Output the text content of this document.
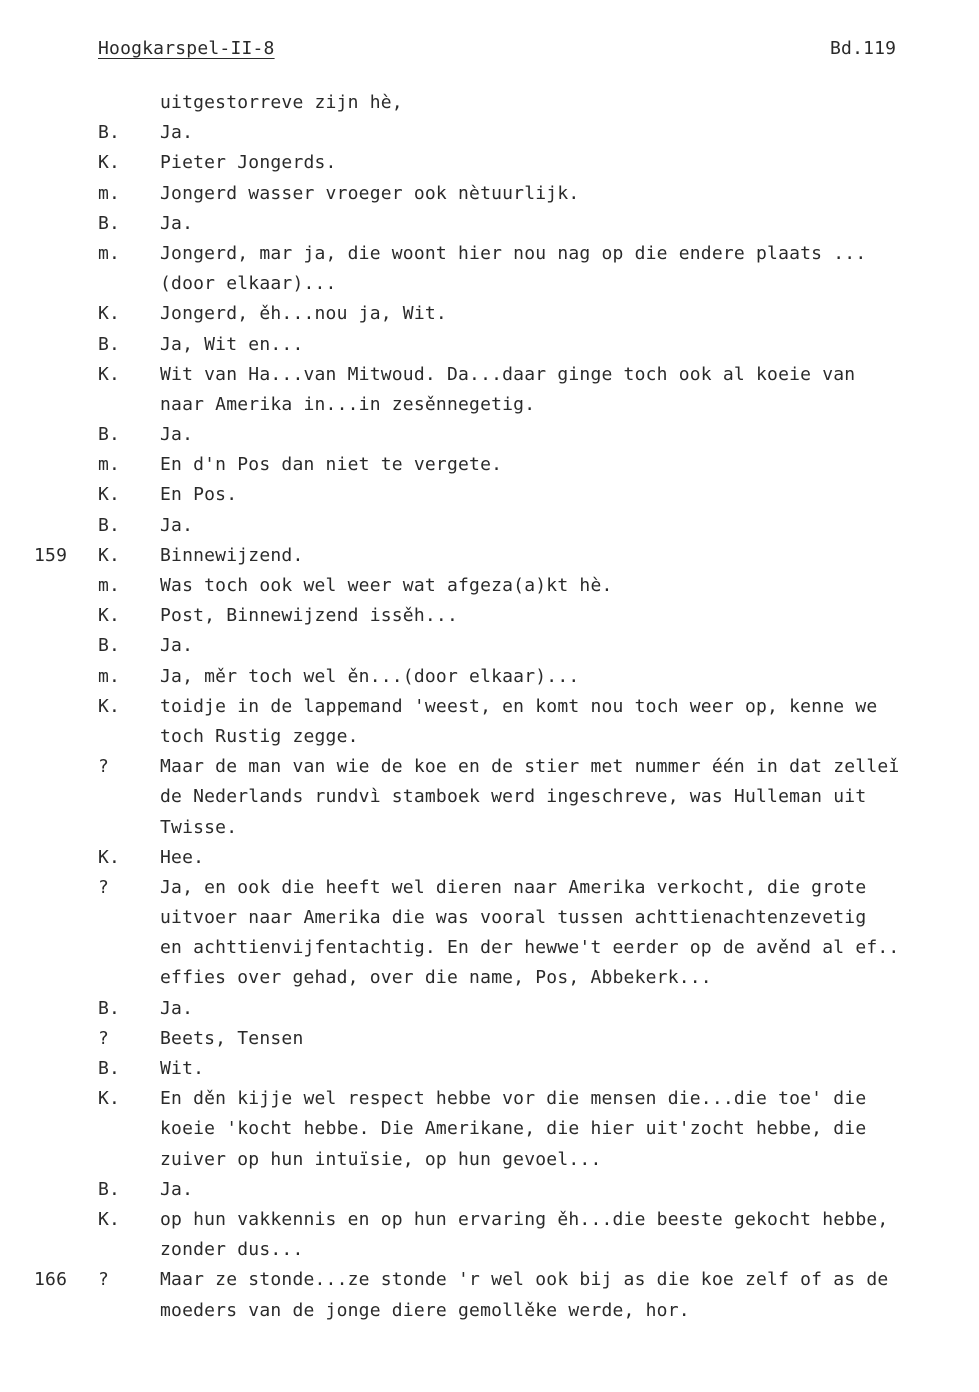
Hoogkarspel-II-8	Bd.119
uitgestorreve zijn hè,
B.	Ja.
K.	Pieter Jongerds.
m.	Jongerd wasser vroeger ook nètuurlijk.
B.	Ja.
m.	Jongerd, mar ja, die woont hier nou nag op die endere plaats ...
(door elkaar)...
K.	Jongerd, ěh...nou ja, Wit.
B.	Ja, Wit en...
K.	Wit van Ha...van Mitwoud. Da...daar ginge toch ook al koeie van
naar Amerika in...in zesěnnegetig.
B.	Ja.
m.	En d'n Pos dan niet te vergete.
K.	En Pos.
B.	Ja.
159	K.	Binnewijzend.
m.	Was toch ook wel weer wat afgeza(a)kt hè.
K.	Post, Binnewijzend issěh...
B.	Ja.
m.	Ja, měr toch wel ěn...(door elkaar)...
K.	toidje in de lappemand 'weest, en komt nou toch weer op, kenne we
toch Rustig zegge.
?	Maar de man van wie de koe en de stier met nummer één in dat zelleǐ
de Nederlands rundvì stamboek werd ingeschreve, was Hulleman uit
Twisse.
K.	Hee.
?	Ja, en ook die heeft wel dieren naar Amerika verkocht, die grote
uitvoer naar Amerika die was vooral tussen achttienachtenzevetig
en achttienvijfentachtig. En der hewwe't eerder op de avěnd al ef..
effies over gehad, over die name, Pos, Abbekerk...
B.	Ja.
?	Beets, Tensen
B.	Wit.
K.	En děn kijje wel respect hebbe vor die mensen die...die toe' die
koeie 'kocht hebbe. Die Amerikane, die hier uit'zocht hebbe, die
zuiver op hun intuïsie, op hun gevoel...
B.	Ja.
K.	op hun vakkennis en op hun ervaring ěh...die beeste gekocht hebbe,
zonder dus...
166	?	Maar ze stonde...ze stonde 'r wel ook bij as die koe zelf of as de
moeders van de jonge diere gemollěke werde, hor.
